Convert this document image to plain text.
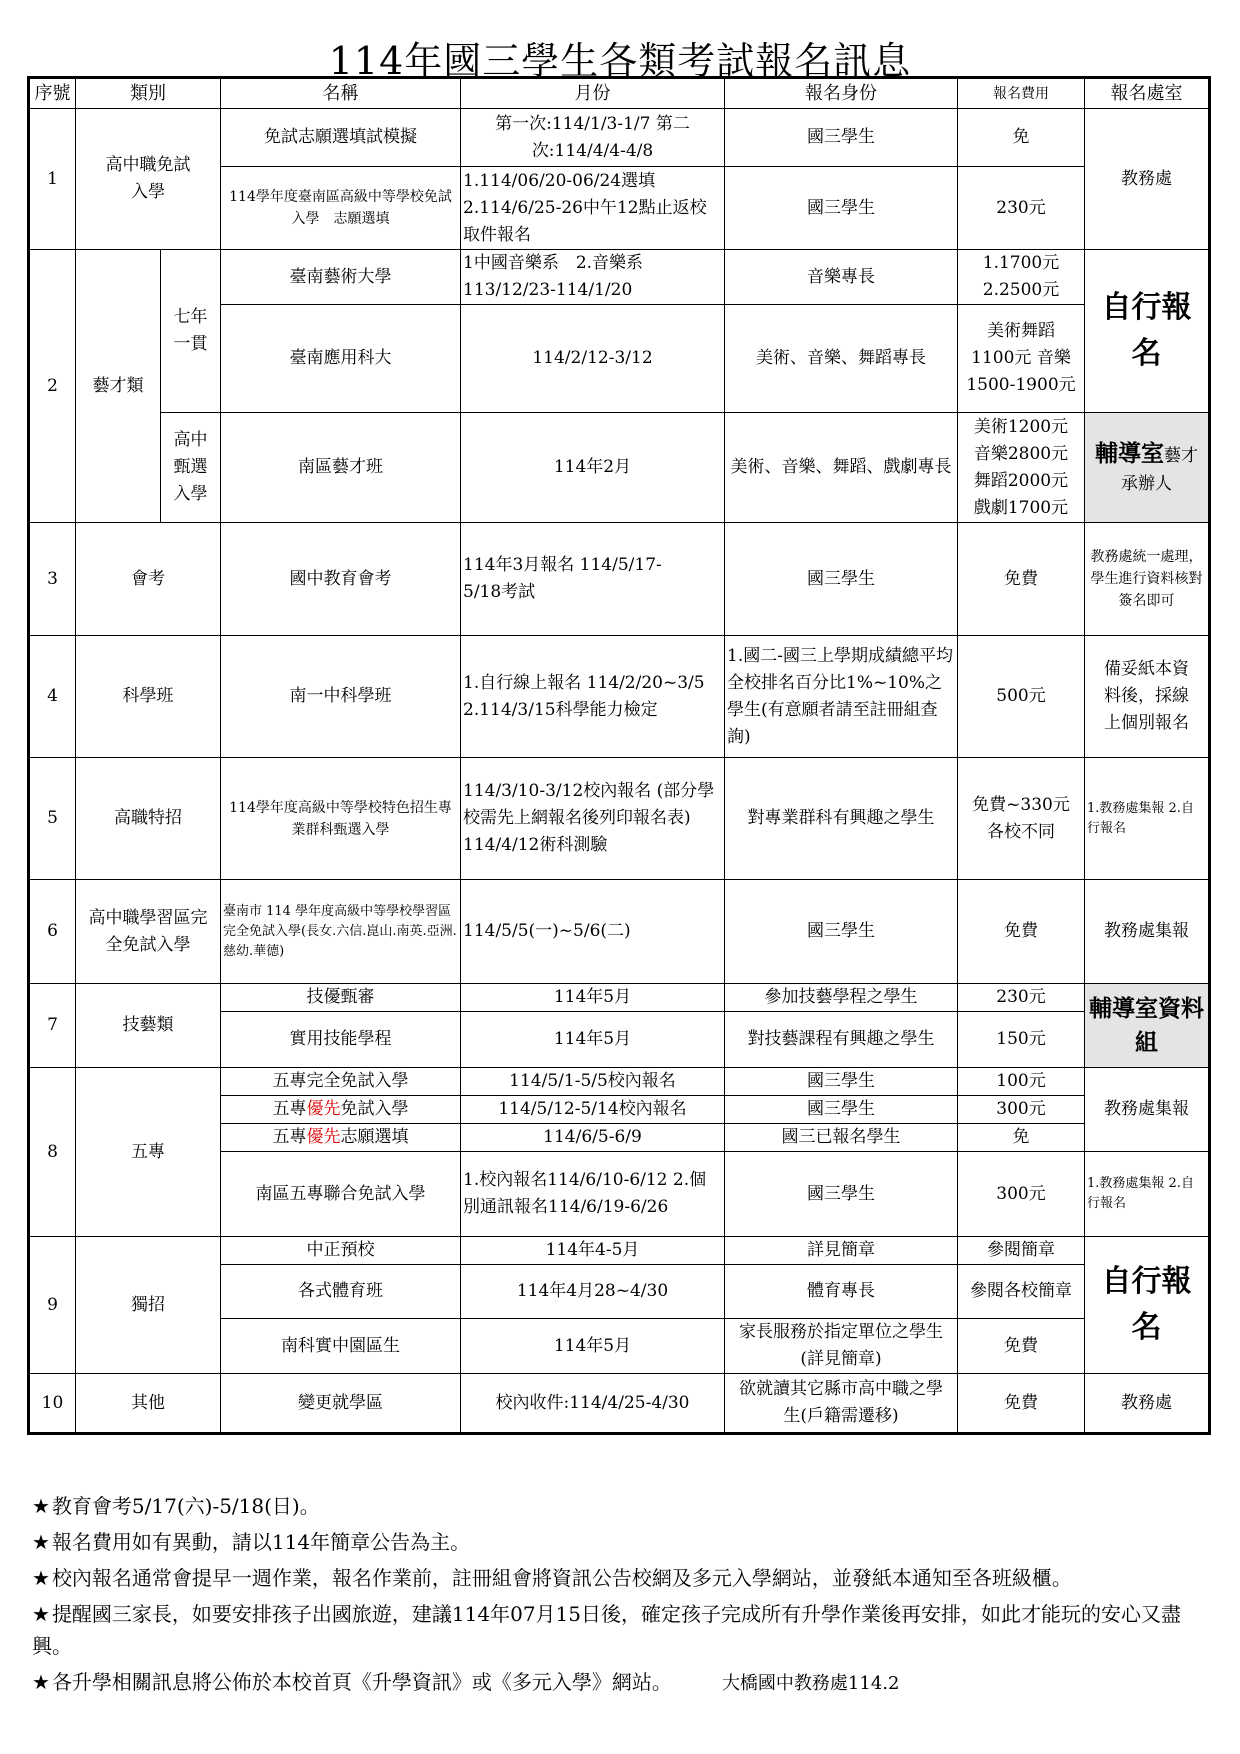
114年國三學生各類考試報名訊息
序號	類別		名稱	月份	報名身份	報名費用	報名處室
1	高中職免試入學		免試志願選填試模擬	第一次:114/1/3-1/7 第二次:114/4/4-4/8	國三學生	免	教務處
			114學年度臺南區高級中等學校免試入學　志願選填	1.114/06/20-06/24選填 2.114/6/25-26中午12點止返校取件報名	國三學生	230元	
2	藝才類	七年一貫	臺南藝術大學	1中國音樂系　2.音樂系 113/12/23-114/1/20	音樂專長	1.1700元 2.2500元	自行報名
			臺南應用科大	114/2/12-3/12	美術、音樂、舞蹈專長	美術舞蹈 1100元 音樂 1500-1900元	
		高中甄選入學	南區藝才班	114年2月	美術、音樂、舞蹈、戲劇專長	美術1200元 音樂2800元 舞蹈2000元 戲劇1700元	輔導室藝才承辦人
3	會考		國中教育會考	114年3月報名 114/5/17-5/18考試	國三學生	免費	教務處統一處理，學生進行資料核對簽名即可
4	科學班		南一中科學班	1.自行線上報名 114/2/20~3/5 2.114/3/15科學能力檢定	1.國二-國三上學期成績總平均全校排名百分比1%~10%之學生(有意願者請至註冊組查詢)	500元	備妥紙本資料後，採線上個別報名
5	高職特招		114學年度高級中等學校特色招生專業群科甄選入學	114/3/10-3/12校內報名 (部分學校需先上網報名後列印報名表) 114/4/12術科測驗	對專業群科有興趣之學生	免費~330元 各校不同	1.教務處集報 2.自行報名
6	高中職學習區完全免試入學		臺南市 114 學年度高級中等學校學習區完全免試入學(長女.六信.崑山.南英.亞洲.慈幼.華德)	114/5/5(一)~5/6(二)	國三學生	免費	教務處集報
7	技藝類		技優甄審	114年5月	參加技藝學程之學生	230元	輔導室資料組
			實用技能學程	114年5月	對技藝課程有興趣之學生	150元	
8	五專		五專完全免試入學	114/5/1-5/5校內報名	國三學生	100元	教務處集報
			五專優先免試入學	114/5/12-5/14校內報名	國三學生	300元	
			五專優先志願選填	114/6/5-6/9	國三已報名學生	免	
			南區五專聯合免試入學	1.校內報名114/6/10-6/12 2.個別通訊報名114/6/19-6/26	國三學生	300元	1.教務處集報 2.自行報名
9	獨招		中正預校	114年4-5月	詳見簡章	參閱簡章	自行報名
			各式體育班	114年4月28~4/30	體育專長	參閱各校簡章	
			南科實中園區生	114年5月	家長服務於指定單位之學生(詳見簡章)	免費	
10	其他		變更就學區	校內收件:114/4/25-4/30	欲就讀其它縣市高中職之學生(戶籍需遷移)	免費	教務處
★ 教育會考5/17(六)-5/18(日)。
★ 報名費用如有異動，請以114年簡章公告為主。
★ 校內報名通常會提早一週作業，報名作業前，註冊組會將資訊公告校網及多元入學網站，並發紙本通知至各班級櫃。
★ 提醒國三家長，如要安排孩子出國旅遊，建議114年07月15日後，確定孩子完成所有升學作業後再安排，如此才能玩的安心又盡興。
★ 各升學相關訊息將公佈於本校首頁《升學資訊》或《多元入學》網站。	大橋國中教務處114.2
